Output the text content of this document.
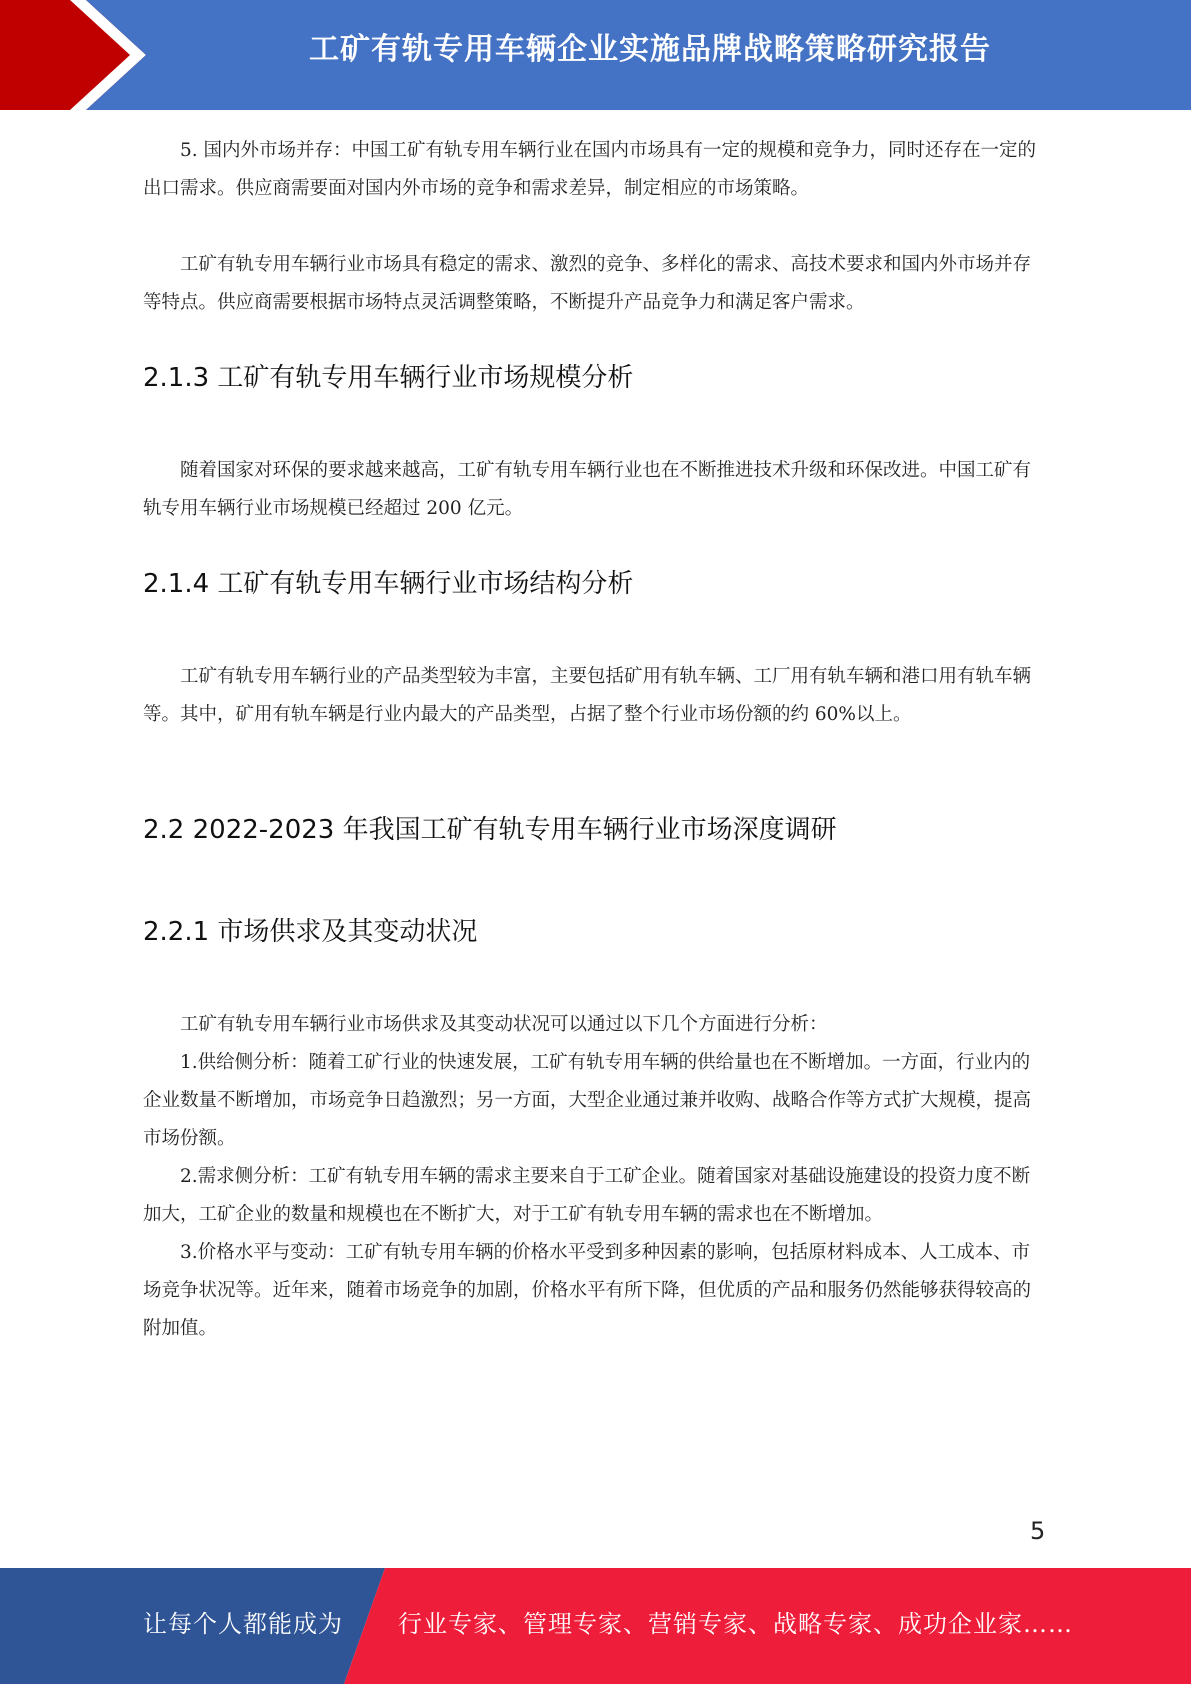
工矿有轨专用车辆企业实施品牌战略策略研究报告

5. 国内外市场并存：中国工矿有轨专用车辆行业在国内市场具有一定的规模和竞争力，同时还存在一定的出口需求。供应商需要面对国内外市场的竞争和需求差异，制定相应的市场策略。

工矿有轨专用车辆行业市场具有稳定的需求、激烈的竞争、多样化的需求、高技术要求和国内外市场并存等特点。供应商需要根据市场特点灵活调整策略，不断提升产品竞争力和满足客户需求。

2.1.3 工矿有轨专用车辆行业市场规模分析

随着国家对环保的要求越来越高，工矿有轨专用车辆行业也在不断推进技术升级和环保改进。中国工矿有轨专用车辆行业市场规模已经超过 200 亿元。

2.1.4 工矿有轨专用车辆行业市场结构分析

工矿有轨专用车辆行业的产品类型较为丰富，主要包括矿用有轨车辆、工厂用有轨车辆和港口用有轨车辆等。其中，矿用有轨车辆是行业内最大的产品类型，占据了整个行业市场份额的约 60%以上。

2.2 2022-2023 年我国工矿有轨专用车辆行业市场深度调研
2.2.1 市场供求及其变动状况

工矿有轨专用车辆行业市场供求及其变动状况可以通过以下几个方面进行分析：

1.供给侧分析：随着工矿行业的快速发展，工矿有轨专用车辆的供给量也在不断增加。一方面，行业内的企业数量不断增加，市场竞争日趋激烈；另一方面，大型企业通过兼并收购、战略合作等方式扩大规模，提高市场份额。

2.需求侧分析：工矿有轨专用车辆的需求主要来自于工矿企业。随着国家对基础设施建设的投资力度不断加大，工矿企业的数量和规模也在不断扩大，对于工矿有轨专用车辆的需求也在不断增加。

3.价格水平与变动：工矿有轨专用车辆的价格水平受到多种因素的影响，包括原材料成本、人工成本、市场竞争状况等。近年来，随着市场竞争的加剧，价格水平有所下降，但优质的产品和服务仍然能够获得较高的附加值。

5
让每个人都能成为 行业专家、管理专家、营销专家、战略专家、成功企业家……
